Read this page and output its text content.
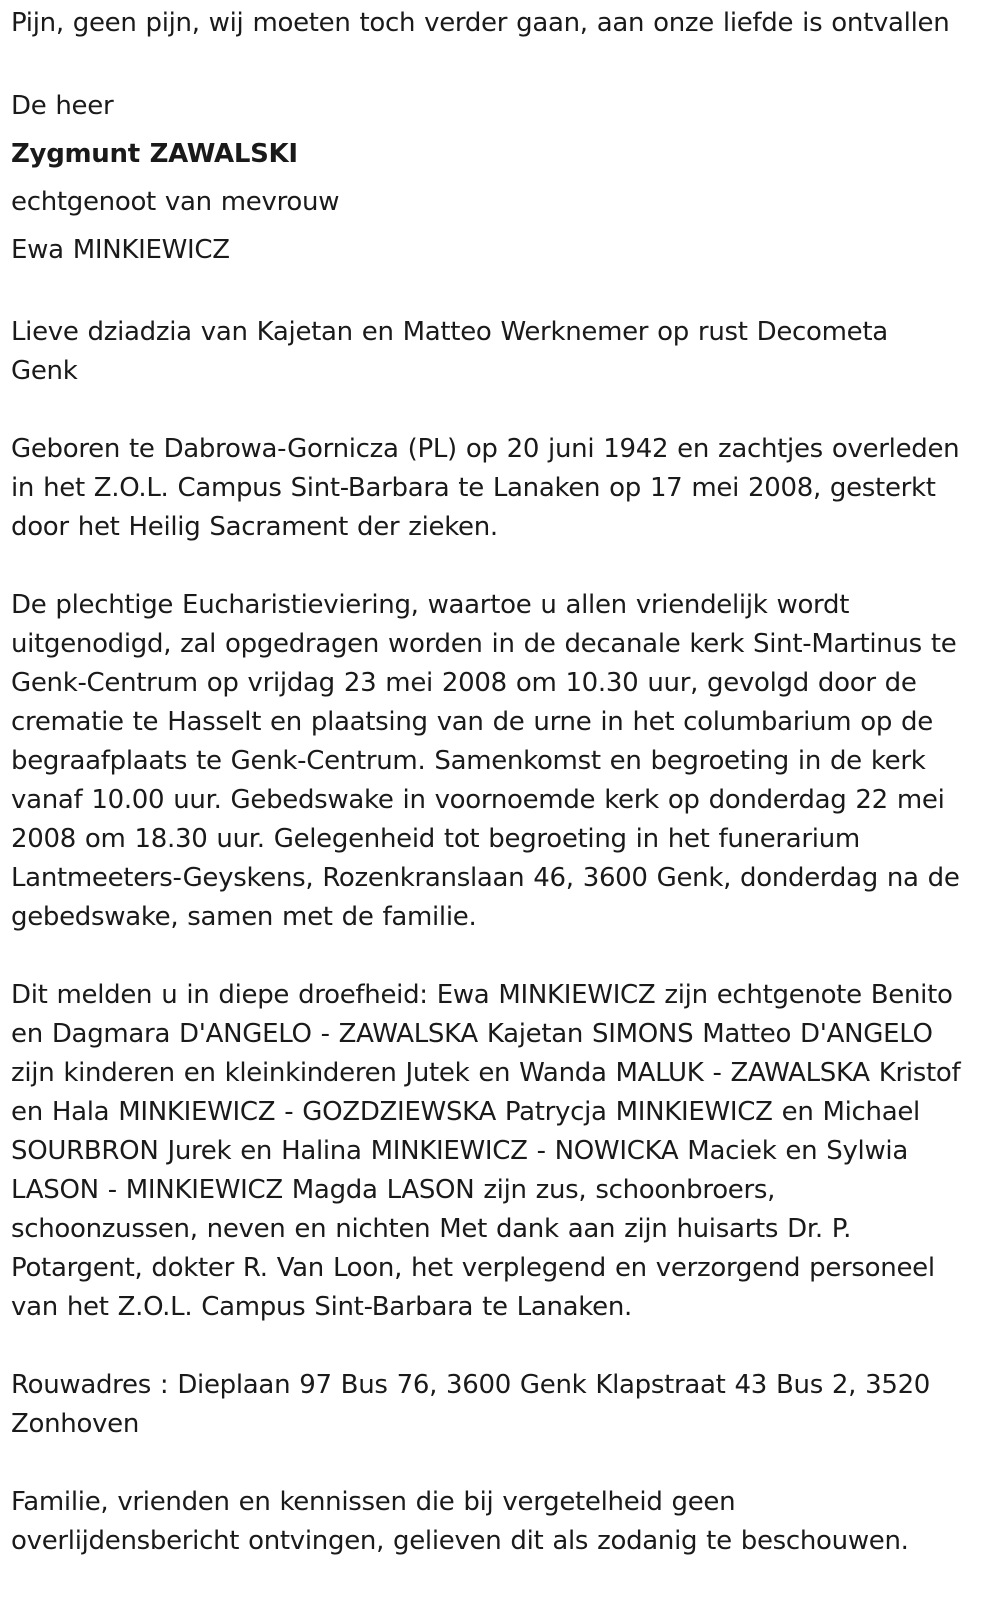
Pijn, geen pijn, wij moeten toch verder gaan, aan onze liefde is ontvallen
De heer
Zygmunt ZAWALSKI
echtgenoot van mevrouw
Ewa MINKIEWICZ
Lieve dziadzia van Kajetan en Matteo Werknemer op rust Decometa
Genk
Geboren te Dabrowa-Gornicza (PL) op 20 juni 1942 en zachtjes overleden
in het Z.O.L. Campus Sint-Barbara te Lanaken op 17 mei 2008, gesterkt
door het Heilig Sacrament der zieken.
De plechtige Eucharistieviering, waartoe u allen vriendelijk wordt
uitgenodigd, zal opgedragen worden in de decanale kerk Sint-Martinus te
Genk-Centrum op vrijdag 23 mei 2008 om 10.30 uur, gevolgd door de
crematie te Hasselt en plaatsing van de urne in het columbarium op de
begraafplaats te Genk-Centrum. Samenkomst en begroeting in de kerk
vanaf 10.00 uur. Gebedswake in voornoemde kerk op donderdag 22 mei
2008 om 18.30 uur. Gelegenheid tot begroeting in het funerarium
Lantmeeters-Geyskens, Rozenkranslaan 46, 3600 Genk, donderdag na de
gebedswake, samen met de familie.
Dit melden u in diepe droefheid: Ewa MINKIEWICZ zijn echtgenote Benito
en Dagmara D'ANGELO - ZAWALSKA Kajetan SIMONS Matteo D'ANGELO
zijn kinderen en kleinkinderen Jutek en Wanda MALUK - ZAWALSKA Kristof
en Hala MINKIEWICZ - GOZDZIEWSKA Patrycja MINKIEWICZ en Michael
SOURBRON Jurek en Halina MINKIEWICZ - NOWICKA Maciek en Sylwia
LASON - MINKIEWICZ Magda LASON zijn zus, schoonbroers,
schoonzussen, neven en nichten Met dank aan zijn huisarts Dr. P.
Potargent, dokter R. Van Loon, het verplegend en verzorgend personeel
van het Z.O.L. Campus Sint-Barbara te Lanaken.
Rouwadres : Dieplaan 97 Bus 76, 3600 Genk Klapstraat 43 Bus 2, 3520
Zonhoven
Familie, vrienden en kennissen die bij vergetelheid geen
overlijdensbericht ontvingen, gelieven dit als zodanig te beschouwen.
